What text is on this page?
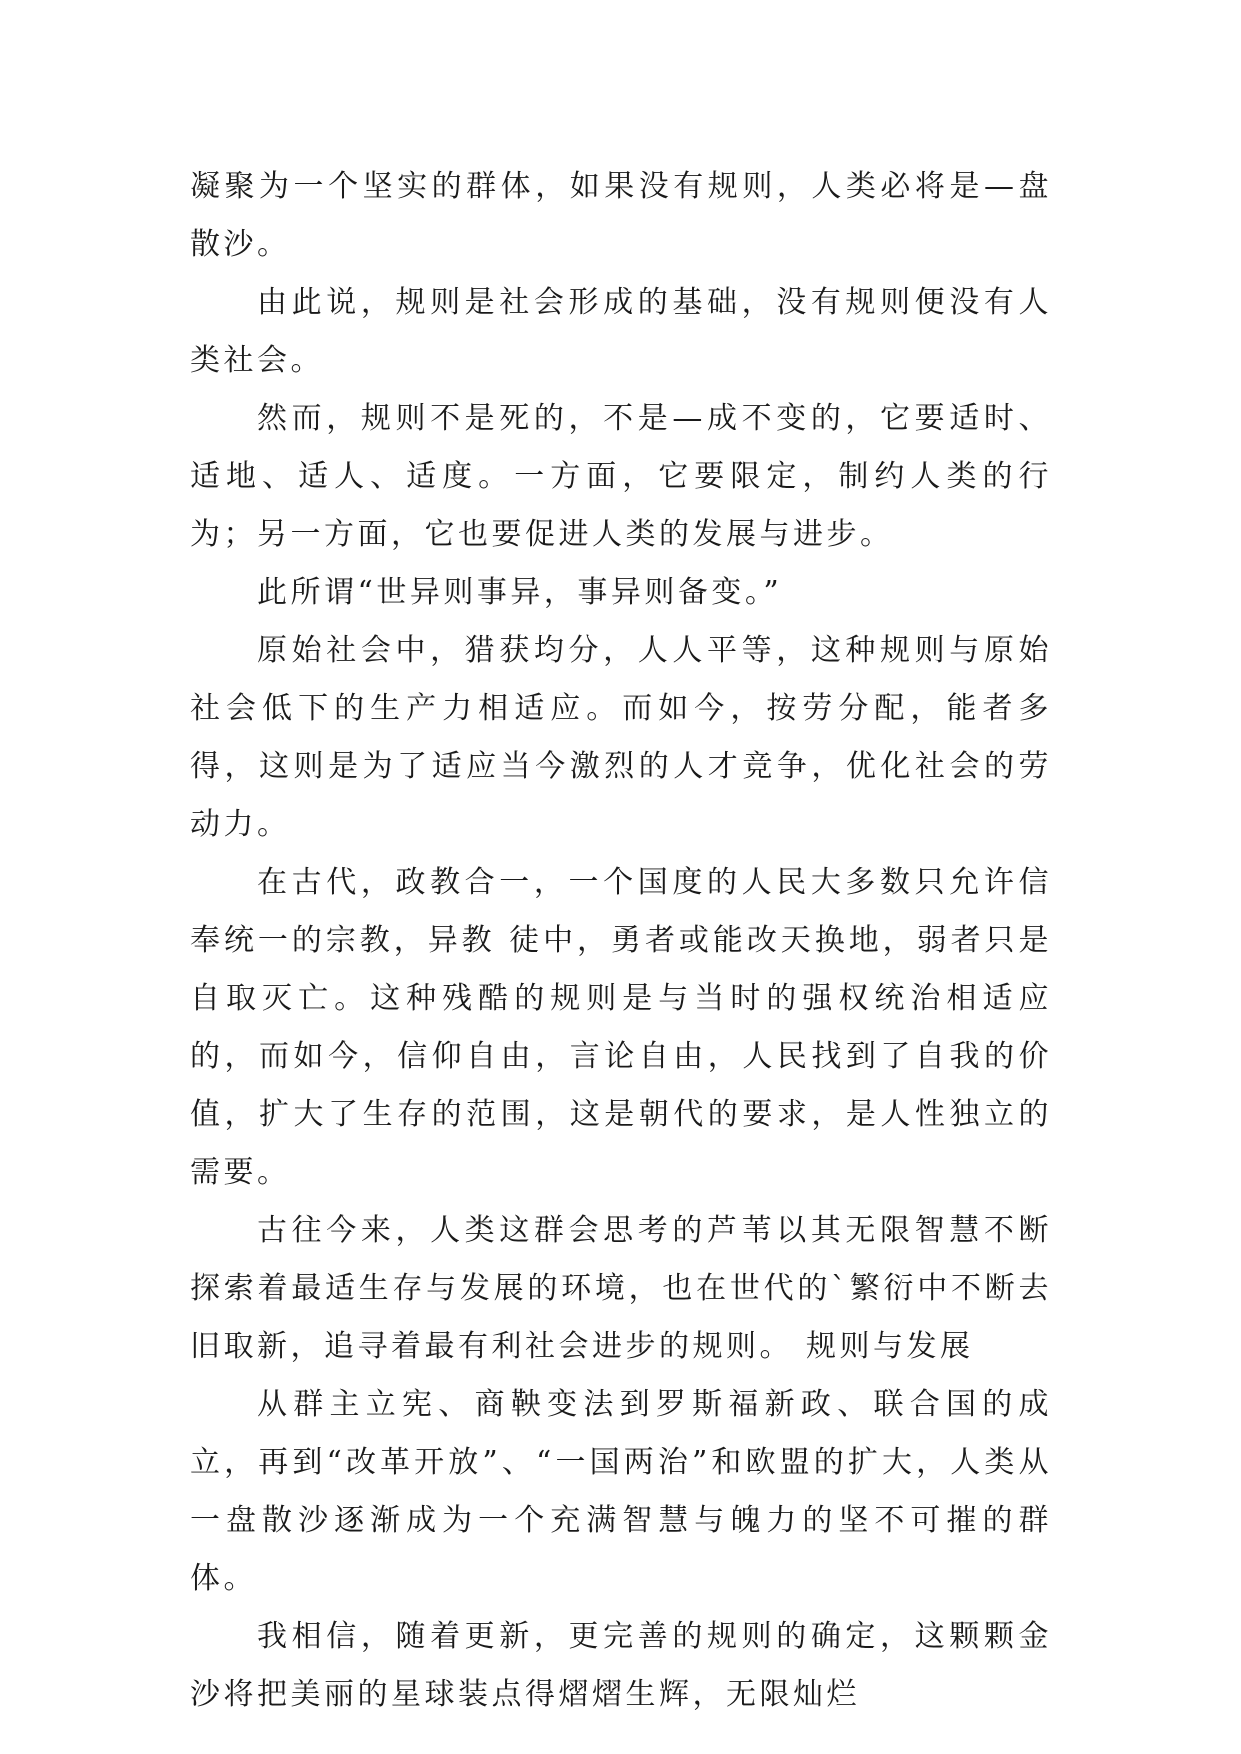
凝聚为一个坚实的群体，如果没有规则，人类必将是—盘散沙。

由此说，规则是社会形成的基础，没有规则便没有人类社会。

然而，规则不是死的，不是—成不变的，它要适时、适地、适人、适度。一方面，它要限定，制约人类的行为；另一方面，它也要促进人类的发展与进步。

此所谓“世异则事异，事异则备变。”

原始社会中，猎获均分，人人平等，这种规则与原始社会低下的生产力相适应。而如今，按劳分配，能者多得，这则是为了适应当今激烈的人才竞争，优化社会的劳动力。

在古代，政教合一，一个国度的人民大多数只允许信奉统一的宗教，异教 徒中，勇者或能改天换地，弱者只是自取灭亡。这种残酷的规则是与当时的强权统治相适应的，而如今，信仰自由，言论自由，人民找到了自我的价值，扩大了生存的范围，这是朝代的要求，是人性独立的需要。

古往今来，人类这群会思考的芦苇以其无限智慧不断探索着最适生存与发展的环境，也在世代的`繁衍中不断去旧取新，追寻着最有利社会进步的规则。 规则与发展

从群主立宪、商鞅变法到罗斯福新政、联合国的成立，再到“改革开放”、“一国两治”和欧盟的扩大，人类从一盘散沙逐渐成为一个充满智慧与魄力的坚不可摧的群体。

我相信，随着更新，更完善的规则的确定，这颗颗金沙将把美丽的星球装点得熠熠生辉，无限灿烂
